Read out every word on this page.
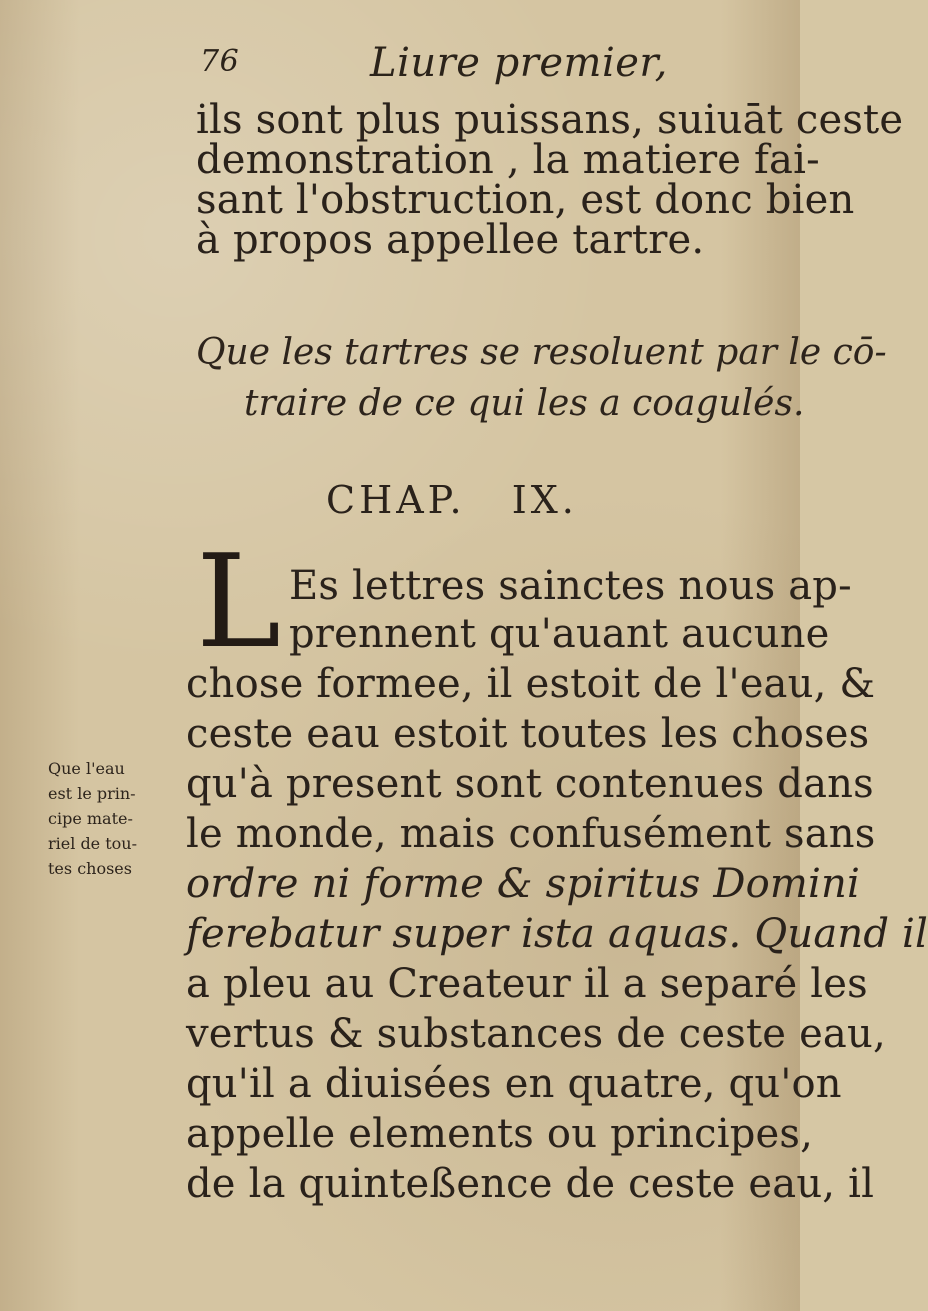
76	Liure premier,
ils sont plus puissans, suiuāt ceste
demonstration , la matiere fai-
sant l'obstruction, est donc bien
à propos appellee tartre.
Que les tartres se resoluent par le cō-
traire de ce qui les a coagulés.
CHAP. IX.
L Es lettres sainctes nous ap-
prennent qu'auant aucune
chose formee, il estoit de l'eau, &
ceste eau estoit toutes les choses
qu'à present sont contenues dans
le monde, mais confusément sans
ordre ni forme & spiritus Domini
ferebatur super ista aquas. Quand il
a pleu au Createur il a separé les
vertus & substances de ceste eau,
qu'il a diuisées en quatre, qu'on
appelle elements ou principes,
de la quinteßence de ceste eau, il
Que l'eau
est le prin-
cipe mate-
riel de tou-
tes choses
